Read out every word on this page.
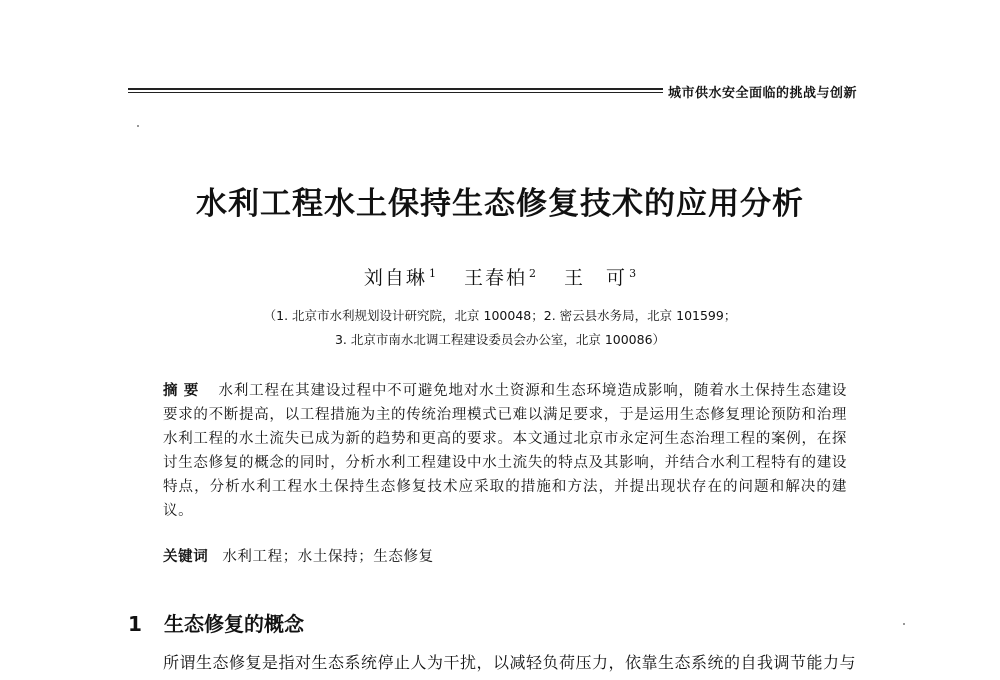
城市供水安全面临的挑战与创新
水利工程水土保持生态修复技术的应用分析
刘自琳 $^1$ 王春柏 $^2$ 王　可 $^3$
（1. 北京市水利规划设计研究院，北京 100048；2. 密云县水务局，北京 101599；
3. 北京市南水北调工程建设委员会办公室，北京 100086）
摘要 水利工程在其建设过程中不可避免地对水土资源和生态环境造成影响，随着水土保持生态建设要求的不断提高，以工程措施为主的传统治理模式已难以满足要求，于是运用生态修复理论预防和治理水利工程的水土流失已成为新的趋势和更高的要求。本文通过北京市永定河生态治理工程的案例，在探讨生态修复的概念的同时，分析水利工程建设中水土流失的特点及其影响，并结合水利工程特有的建设特点，分析水利工程水土保持生态修复技术应采取的措施和方法，并提出现状存在的问题和解决的建议。
关键词 水利工程；水土保持；生态修复
1 生态修复的概念
所谓生态修复是指对生态系统停止人为干扰，以减轻负荷压力，依靠生态系统的自我调节能力与
